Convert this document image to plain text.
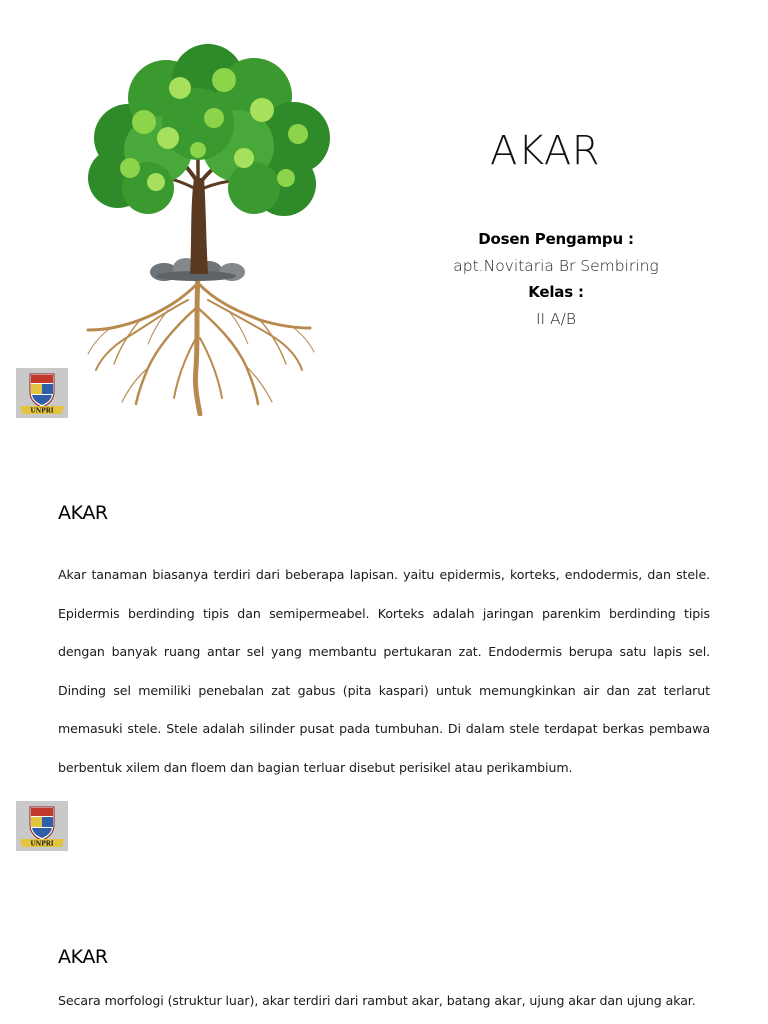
AKAR
Dosen Pengampu :
apt.Novitaria Br Sembiring
Kelas :
II A/B
UNPRI
AKAR
Akar tanaman biasanya terdiri dari beberapa lapisan. yaitu epidermis, korteks, endodermis, dan stele. Epidermis berdinding tipis dan semipermeabel. Korteks adalah jaringan parenkim berdinding tipis dengan banyak ruang antar sel yang membantu pertukaran zat. Endodermis berupa satu lapis sel. Dinding sel memiliki penebalan zat gabus (pita kaspari) untuk memungkinkan air dan zat terlarut memasuki stele. Stele adalah silinder pusat pada tumbuhan. Di dalam stele terdapat berkas pembawa berbentuk xilem dan floem dan bagian terluar disebut perisikel atau perikambium.
UNPRI
AKAR
Secara morfologi (struktur luar), akar terdiri dari rambut akar, batang akar, ujung akar dan ujung akar.
